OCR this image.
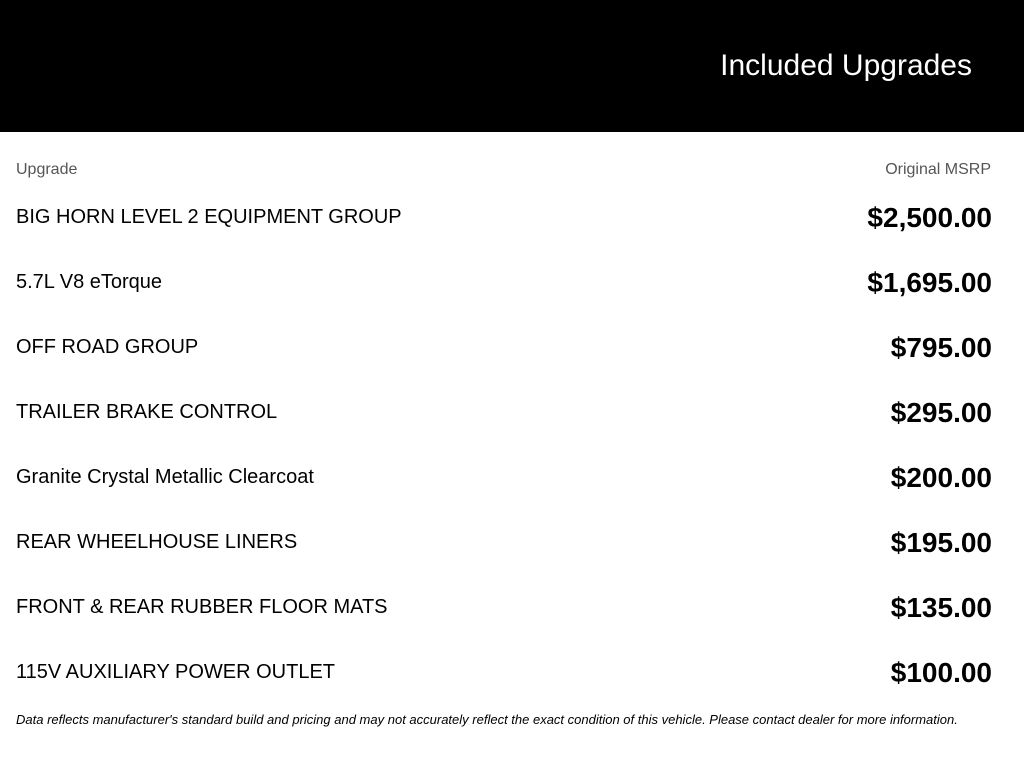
Included Upgrades
Upgrade	Original MSRP
BIG HORN LEVEL 2 EQUIPMENT GROUP	$2,500.00
5.7L V8 eTorque	$1,695.00
OFF ROAD GROUP	$795.00
TRAILER BRAKE CONTROL	$295.00
Granite Crystal Metallic Clearcoat	$200.00
REAR WHEELHOUSE LINERS	$195.00
FRONT & REAR RUBBER FLOOR MATS	$135.00
115V AUXILIARY POWER OUTLET	$100.00
Data reflects manufacturer's standard build and pricing and may not accurately reflect the exact condition of this vehicle. Please contact dealer for more information.
